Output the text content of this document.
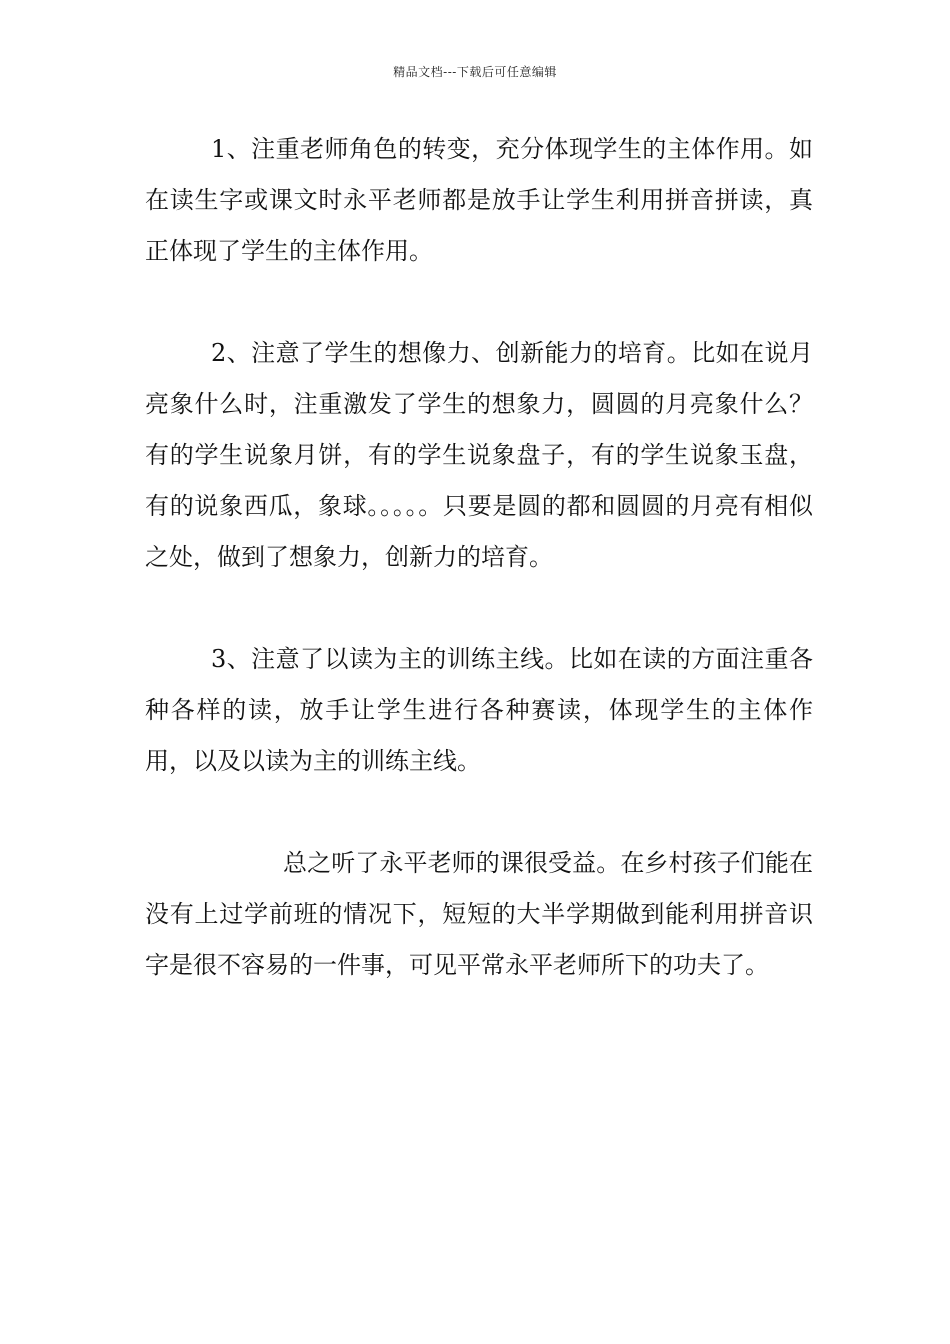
精品文档---下载后可任意编辑

1、注重老师角色的转变，充分体现学生的主体作用。如在读生字或课文时永平老师都是放手让学生利用拼音拼读，真正体现了学生的主体作用。

2、注意了学生的想像力、创新能力的培育。比如在说月亮象什么时，注重激发了学生的想象力，圆圆的月亮象什么？有的学生说象月饼，有的学生说象盘子，有的学生说象玉盘，有的说象西瓜，象球。。。。。只要是圆的都和圆圆的月亮有相似之处，做到了想象力，创新力的培育。

3、注意了以读为主的训练主线。比如在读的方面注重各种各样的读，放手让学生进行各种赛读，体现学生的主体作用，以及以读为主的训练主线。

总之听了永平老师的课很受益。在乡村孩子们能在没有上过学前班的情况下，短短的大半学期做到能利用拼音识字是很不容易的一件事，可见平常永平老师所下的功夫了。
